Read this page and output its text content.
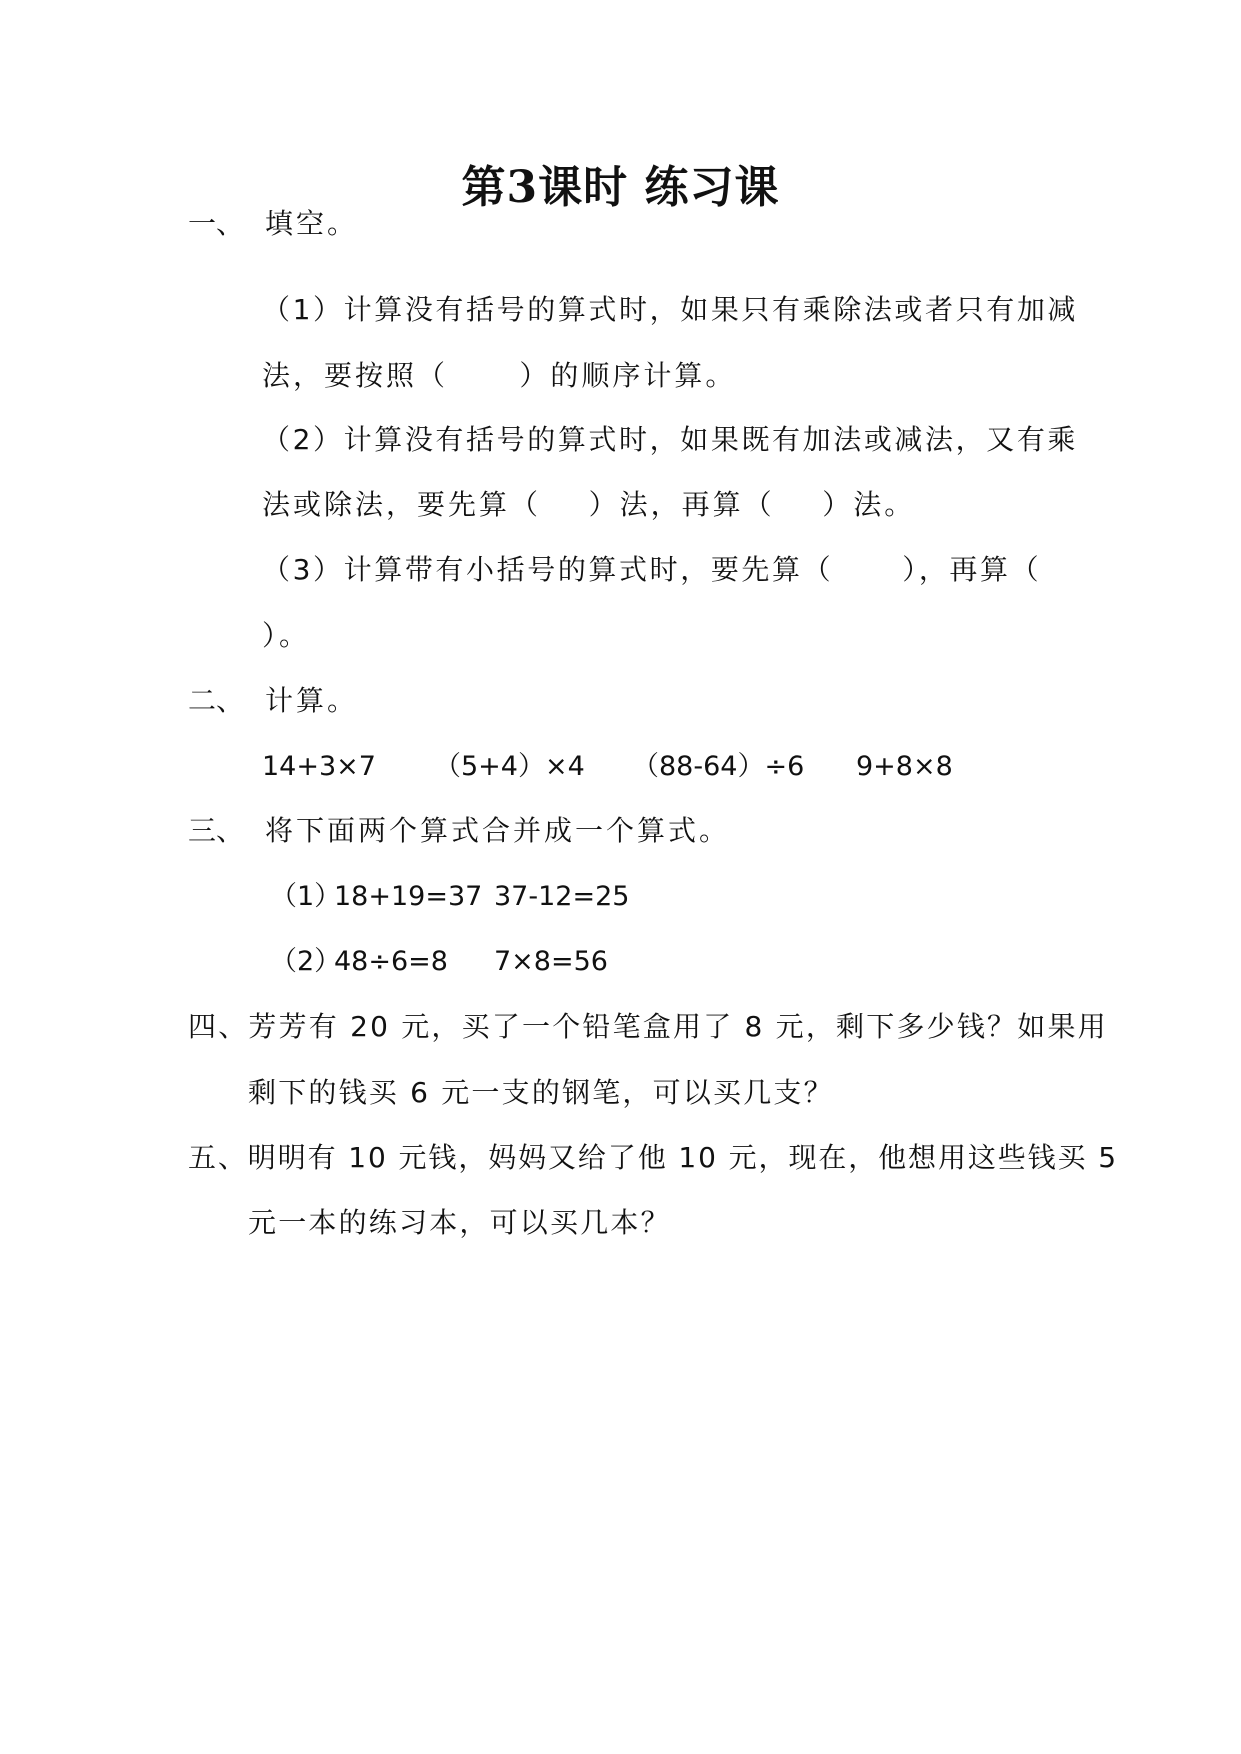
第3课时 练习课
一、 填空。
（1）计算没有括号的算式时，如果只有乘除法或者只有加减
法，要按照（      ）的顺序计算。
（2）计算没有括号的算式时，如果既有加法或减法，又有乘
法或除法，要先算（    ）法，再算（    ）法。
（3）计算带有小括号的算式时，要先算（      ），再算（
）。
二、 计算。
14+3×7 （5+4）×4 （88-64）÷6 9+8×8
三、 将下面两个算式合并成一个算式。
（1）
18+19=37 37-12=25
（2）
48÷6=8 7×8=56
四、芳芳有 20 元，买了一个铅笔盒用了 8 元，剩下多少钱？如果用
剩下的钱买 6 元一支的钢笔，可以买几支？
五、明明有 10 元钱，妈妈又给了他 10 元，现在，他想用这些钱买 5
元一本的练习本，可以买几本？
